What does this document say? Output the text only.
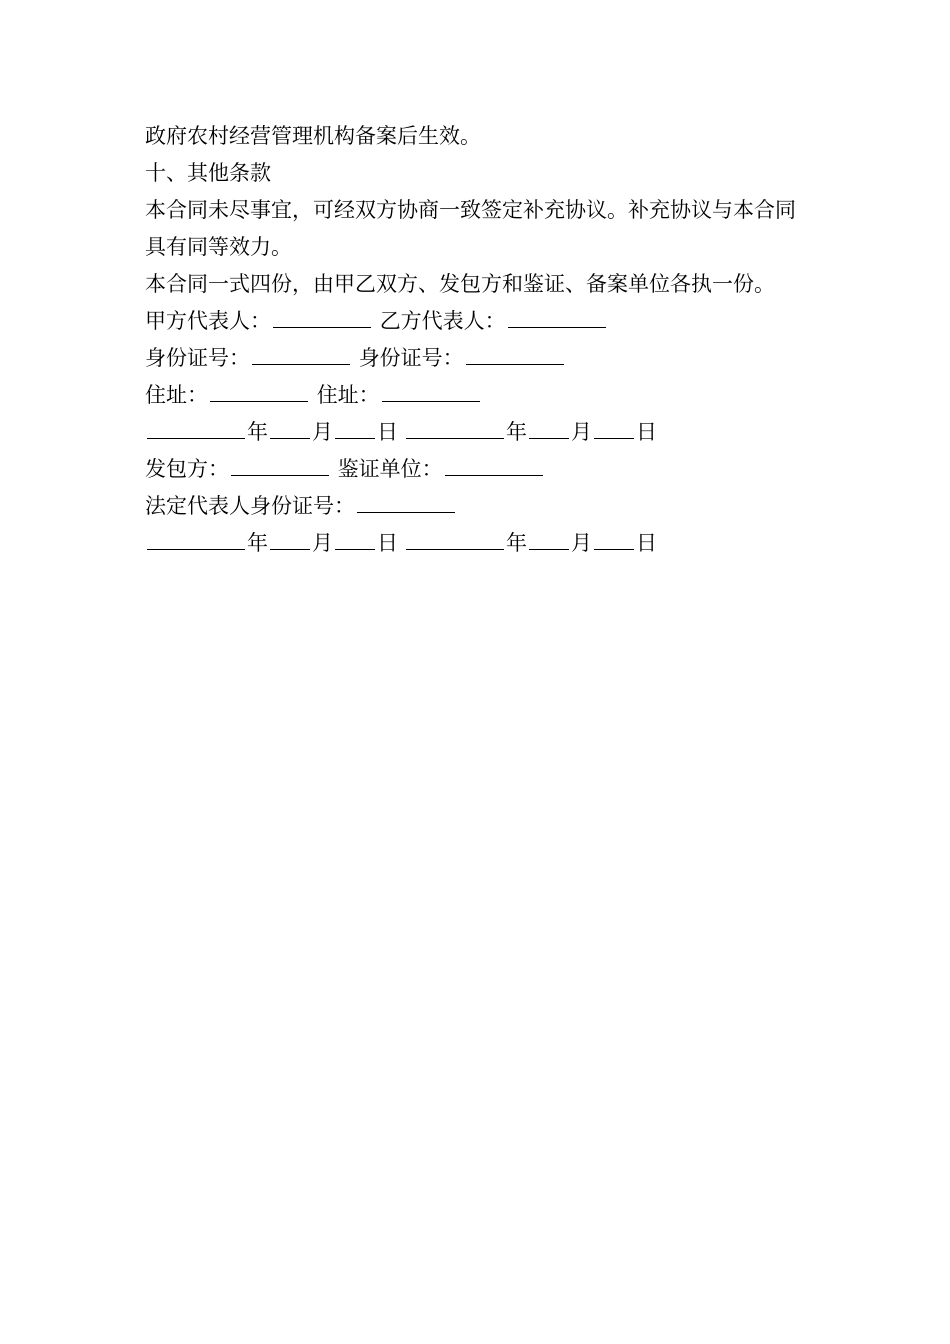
政府农村经营管理机构备案后生效。
十、其他条款
本合同未尽事宜，可经双方协商一致签定补充协议。补充协议与本合同具有同等效力。
本合同一式四份，由甲乙双方、发包方和鉴证、备案单位各执一份。
甲方代表人：	乙方代表人：
身份证号：	身份证号：
住址：	住址：
年 月 日	年 月 日
发包方：	鉴证单位：
法定代表人身份证号：
年 月 日	年 月 日
